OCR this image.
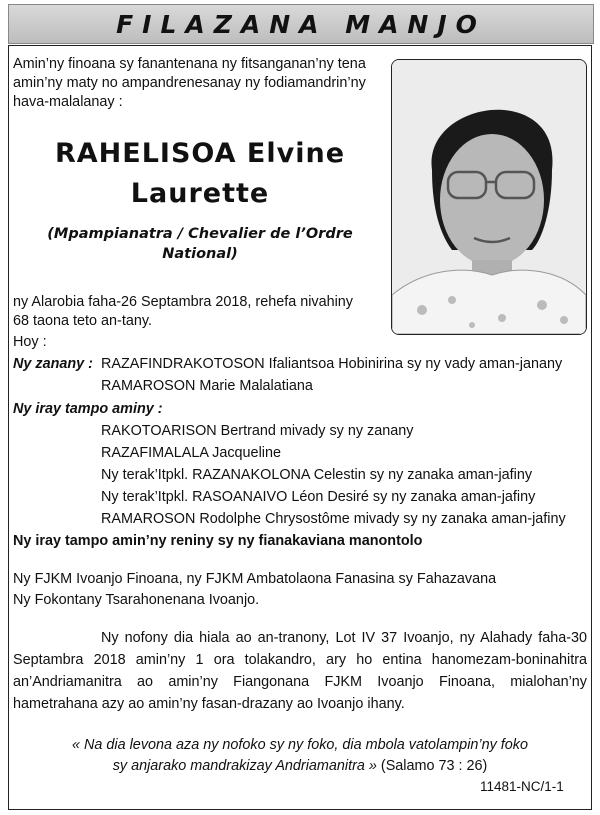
FILAZANA MANJO
Amin’ny finoana sy fanantenana ny fitsanganan’ny tena
amin’ny maty no ampandrenesanay ny fodiamandrin’ny
hava-malalanay :
RAHELISOA Elvine
Laurette
(Mpampianatra / Chevalier de l’Ordre
National)
ny Alarobia faha-26 Septambra 2018, rehefa nivahiny
68 taona teto an-tany.
Hoy :
Ny zanany : RAZAFINDRAKOTOSON Ifaliantsoa Hobinirina sy ny vady aman-janany
RAMAROSON Marie Malalatiana
Ny iray tampo aminy :
RAKOTOARISON Bertrand mivady sy ny zanany
RAZAFIMALALA Jacqueline
Ny terak’Itpkl. RAZANAKOLONA Celestin sy ny zanaka aman-jafiny
Ny terak’Itpkl. RASOANAIVO Léon Desiré sy ny zanaka aman-jafiny
RAMAROSON Rodolphe Chrysostôme mivady sy ny zanaka aman-jafiny
Ny iray tampo amin’ny reniny sy ny fianakaviana manontolo
Ny FJKM Ivoanjo Finoana, ny FJKM Ambatolaona Fanasina sy Fahazavana
Ny Fokontany Tsarahonenana Ivoanjo.
Ny nofony dia hiala ao an-tranony, Lot IV 37 Ivoanjo, ny Alahady faha-30 Septambra 2018 amin’ny 1 ora tolakandro, ary ho entina hanomezam-boninahitra an’Andriamanitra ao amin’ny Fiangonana FJKM Ivoanjo Finoana, mialohan’ny hametrahana azy ao amin’ny fasan-drazany ao Ivoanjo ihany.
« Na dia levona aza ny nofoko sy ny foko, dia mbola vatolampin’ny foko
sy anjarako mandrakizay Andriamanitra » (Salamo 73 : 26)
11481-NC/1-1
